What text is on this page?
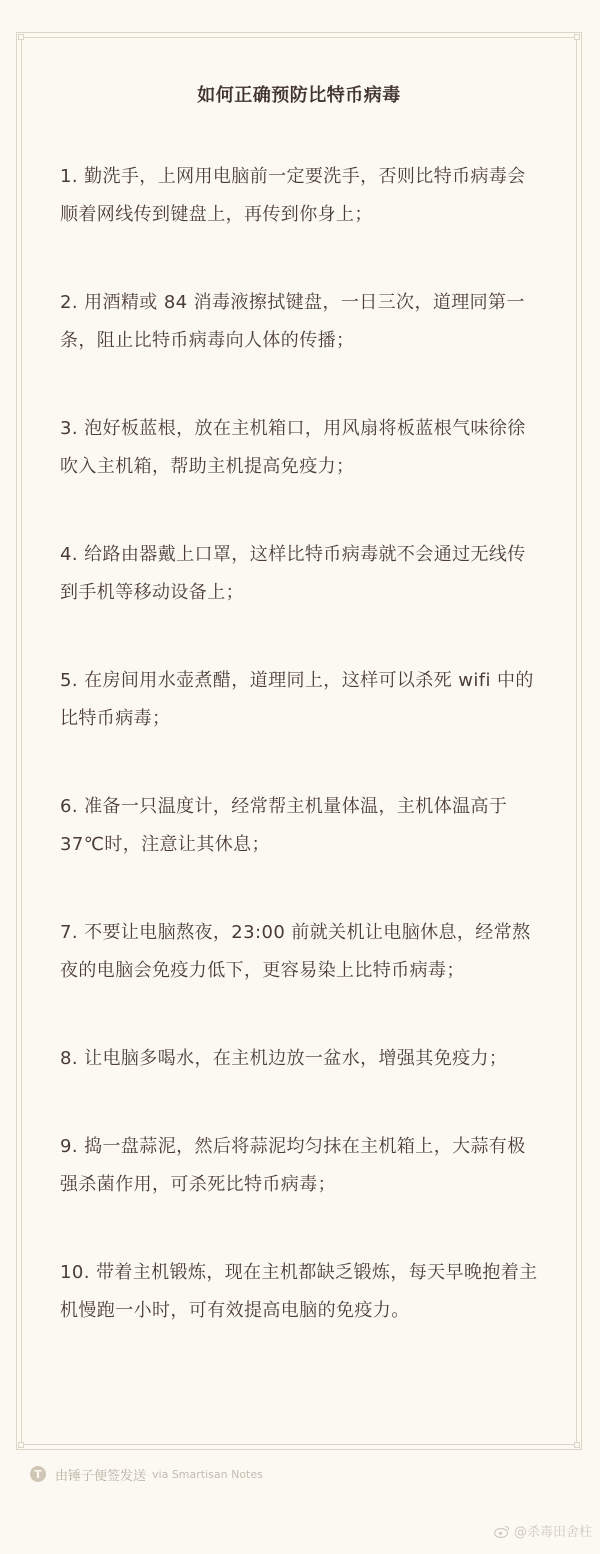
如何正确预防比特币病毒

1. 勤洗手，上网用电脑前一定要洗手，否则比特币病毒会顺着网线传到键盘上，再传到你身上；

2. 用酒精或 84 消毒液擦拭键盘，一日三次，道理同第一条，阻止比特币病毒向人体的传播；

3. 泡好板蓝根，放在主机箱口，用风扇将板蓝根气味徐徐吹入主机箱，帮助主机提高免疫力；

4. 给路由器戴上口罩，这样比特币病毒就不会通过无线传到手机等移动设备上；

5. 在房间用水壶煮醋，道理同上，这样可以杀死 wifi 中的比特币病毒；

6. 准备一只温度计，经常帮主机量体温，主机体温高于 37℃时，注意让其休息；

7. 不要让电脑熬夜，23:00 前就关机让电脑休息，经常熬夜的电脑会免疫力低下，更容易染上比特币病毒；

8. 让电脑多喝水，在主机边放一盆水，增强其免疫力；

9. 捣一盘蒜泥，然后将蒜泥均匀抹在主机箱上，大蒜有极强杀菌作用，可杀死比特币病毒；

10. 带着主机锻炼，现在主机都缺乏锻炼，每天早晚抱着主机慢跑一小时，可有效提高电脑的免疫力。

T	由锤子便签发送 via Smartisan Notes
@杀毒田舍柱
